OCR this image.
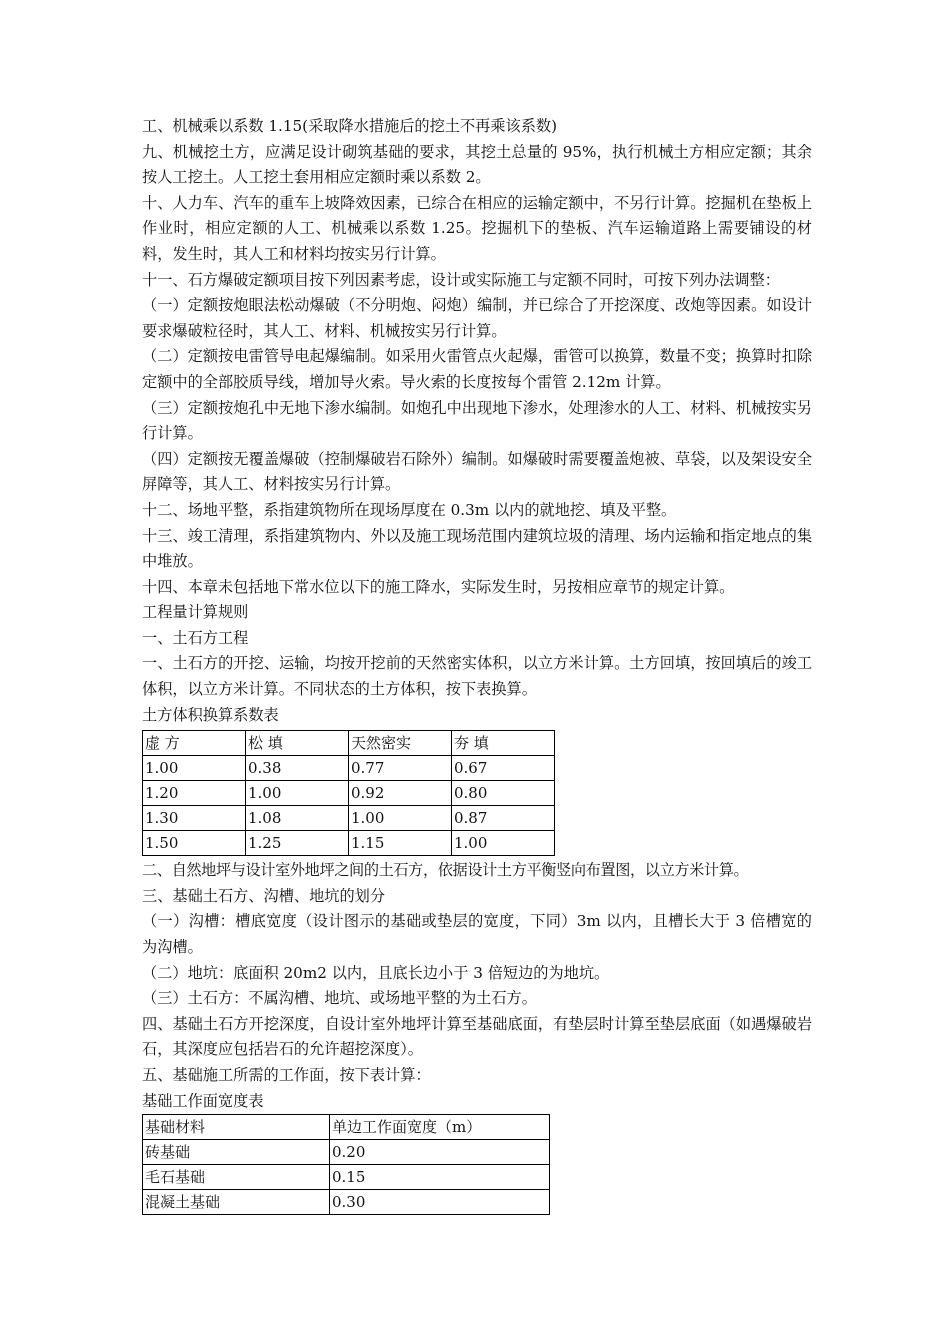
工、机械乘以系数 1.15(采取降水措施后的挖土不再乘该系数)

九、机械挖土方，应满足设计砌筑基础的要求，其挖土总量的 95%，执行机械土方相应定额；其余按人工挖土。人工挖土套用相应定额时乘以系数 2。

十、人力车、汽车的重车上坡降效因素，已综合在相应的运输定额中，不另行计算。挖掘机在垫板上作业时，相应定额的人工、机械乘以系数 1.25。挖掘机下的垫板、汽车运输道路上需要铺设的材料，发生时，其人工和材料均按实另行计算。

十一、石方爆破定额项目按下列因素考虑，设计或实际施工与定额不同时，可按下列办法调整：

（一）定额按炮眼法松动爆破（不分明炮、闷炮）编制，并已综合了开挖深度、改炮等因素。如设计要求爆破粒径时，其人工、材料、机械按实另行计算。

（二）定额按电雷管导电起爆编制。如采用火雷管点火起爆，雷管可以换算，数量不变；换算时扣除定额中的全部胶质导线，增加导火索。导火索的长度按每个雷管 2.12m 计算。

（三）定额按炮孔中无地下渗水编制。如炮孔中出现地下渗水，处理渗水的人工、材料、机械按实另行计算。

（四）定额按无覆盖爆破（控制爆破岩石除外）编制。如爆破时需要覆盖炮被、草袋，以及架设安全屏障等，其人工、材料按实另行计算。

十二、场地平整，系指建筑物所在现场厚度在 0.3m 以内的就地挖、填及平整。

十三、竣工清理，系指建筑物内、外以及施工现场范围内建筑垃圾的清理、场内运输和指定地点的集中堆放。

十四、本章未包括地下常水位以下的施工降水，实际发生时，另按相应章节的规定计算。

工程量计算规则

一、土石方工程

一、土石方的开挖、运输，均按开挖前的天然密实体积，以立方米计算。土方回填，按回填后的竣工体积，以立方米计算。不同状态的土方体积，按下表换算。

土方体积换算系数表

虚 方	松 填	天然密实	夯 填
1.00	0.38	0.77	0.67
1.20	1.00	0.92	0.80
1.30	1.08	1.00	0.87
1.50	1.25	1.15	1.00

二、自然地坪与设计室外地坪之间的土石方，依据设计土方平衡竖向布置图，以立方米计算。

三、基础土石方、沟槽、地坑的划分

（一）沟槽：槽底宽度（设计图示的基础或垫层的宽度，下同）3m 以内，且槽长大于 3 倍槽宽的为沟槽。

（二）地坑：底面积 20m2 以内，且底长边小于 3 倍短边的为地坑。

（三）土石方：不属沟槽、地坑、或场地平整的为土石方。

四、基础土石方开挖深度，自设计室外地坪计算至基础底面，有垫层时计算至垫层底面（如遇爆破岩石，其深度应包括岩石的允许超挖深度）。

五、基础施工所需的工作面，按下表计算：

基础工作面宽度表

基础材料	单边工作面宽度（m）
砖基础	0.20
毛石基础	0.15
混凝土基础	0.30
